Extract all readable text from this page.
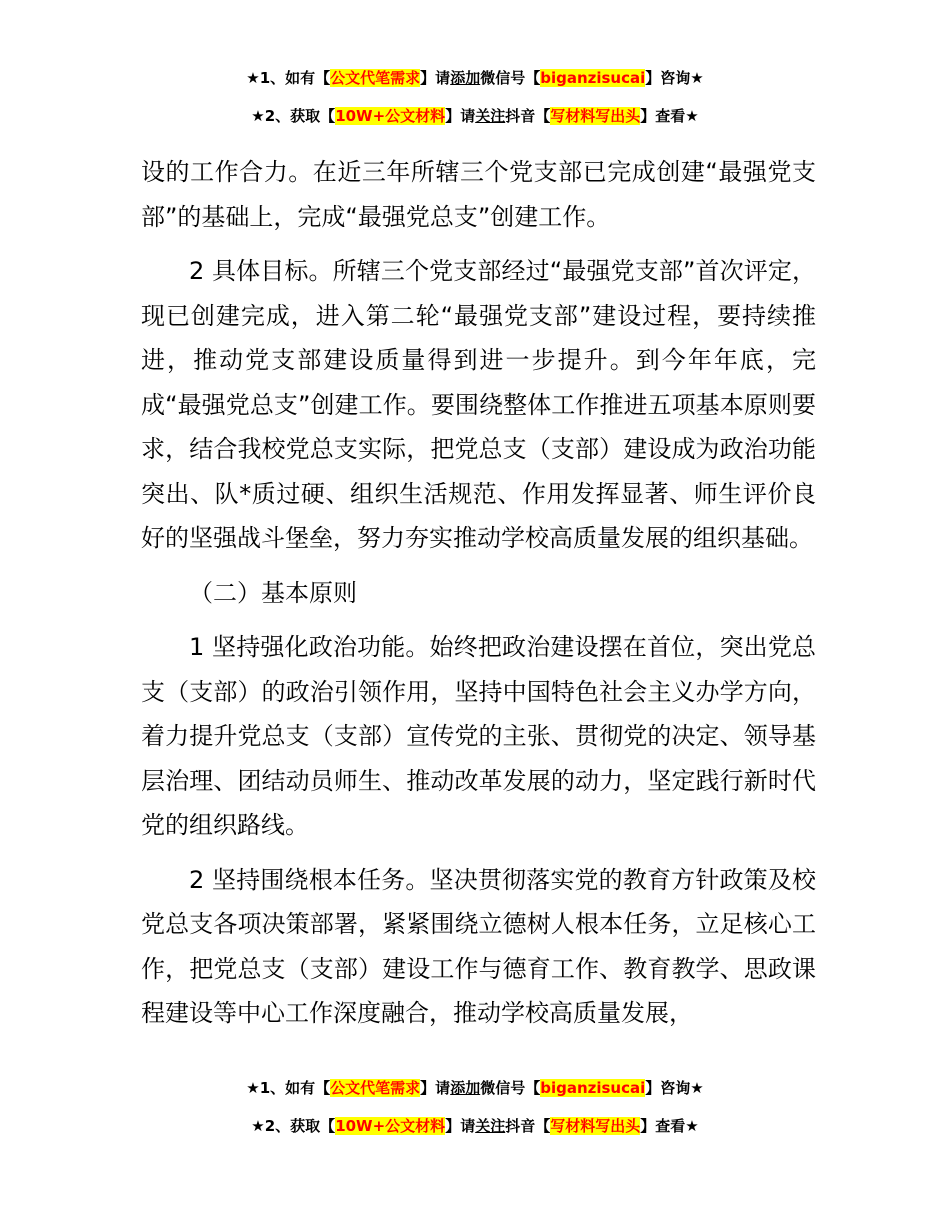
★1、如有【公文代笔需求】请添加微信号【biganzisucai】咨询★
★2、获取【10W+公文材料】请关注抖音【写材料写出头】查看★

设的工作合力。在近三年所辖三个党支部已完成创建“最强党支部”的基础上，完成“最强党总支”创建工作。

2 具体目标。所辖三个党支部经过“最强党支部”首次评定，现已创建完成，进入第二轮“最强党支部”建设过程，要持续推进，推动党支部建设质量得到进一步提升。到今年年底，完成“最强党总支”创建工作。要围绕整体工作推进五项基本原则要求，结合我校党总支实际，把党总支（支部）建设成为政治功能突出、队*质过硬、组织生活规范、作用发挥显著、师生评价良好的坚强战斗堡垒，努力夯实推动学校高质量发展的组织基础。

（二）基本原则

1 坚持强化政治功能。始终把政治建设摆在首位，突出党总支（支部）的政治引领作用，坚持中国特色社会主义办学方向，着力提升党总支（支部）宣传党的主张、贯彻党的决定、领导基层治理、团结动员师生、推动改革发展的动力，坚定践行新时代党的组织路线。

2 坚持围绕根本任务。坚决贯彻落实党的教育方针政策及校党总支各项决策部署，紧紧围绕立德树人根本任务，立足核心工作，把党总支（支部）建设工作与德育工作、教育教学、思政课程建设等中心工作深度融合，推动学校高质量发展，

★1、如有【公文代笔需求】请添加微信号【biganzisucai】咨询★
★2、获取【10W+公文材料】请关注抖音【写材料写出头】查看★
